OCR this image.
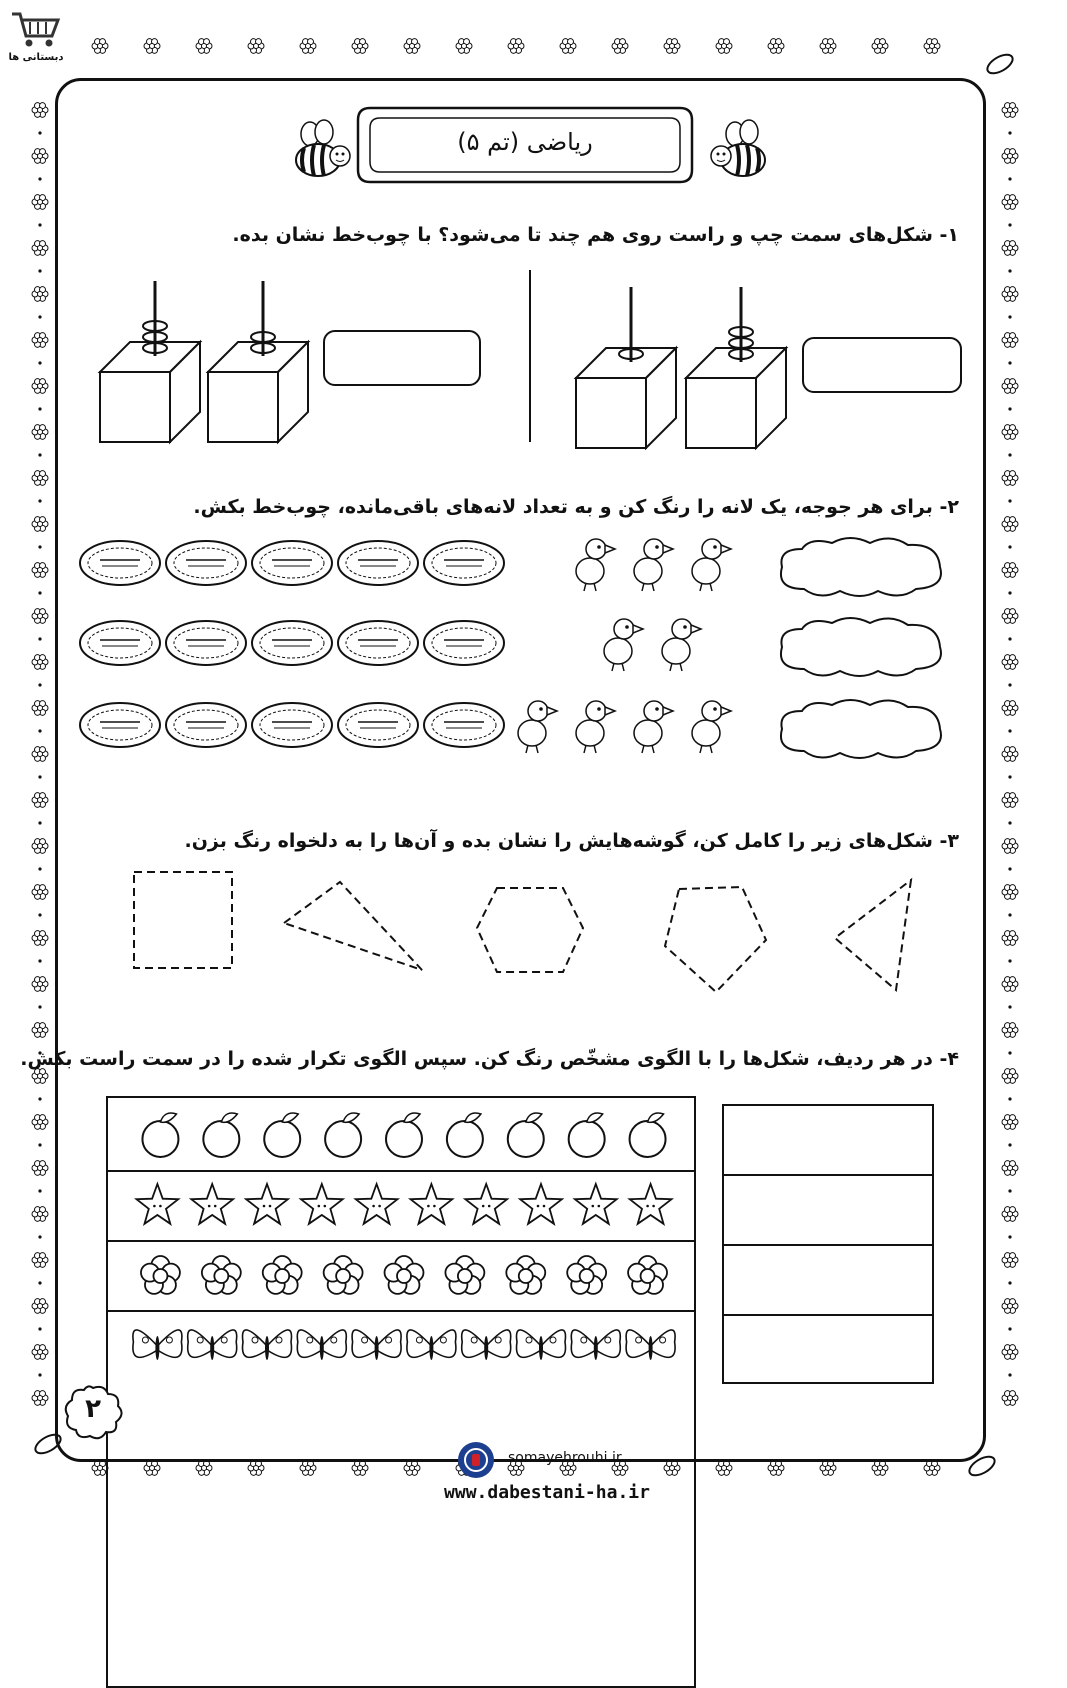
دبستانی ها
ریاضی (تم ۵)
۱- شکل‌های سمت چپ و راست روی هم چند تا می‌شود؟ با چوب‌خط نشان بده.
۲- برای هر جوجه، یک لانه را رنگ کن و به تعداد لانه‌های باقی‌مانده، چوب‌خط بکش.
۳- شکل‌های زیر را کامل کن، گوشه‌هایش را نشان بده و آن‌ها را به دلخواه رنگ بزن.
۴- در هر ردیف، شکل‌ها را با الگوی مشخّص رنگ کن. سپس الگوی تکرار شده را در سمت راست بکش.
۲
somayehrouhi.ir
www.dabestani-ha.ir
